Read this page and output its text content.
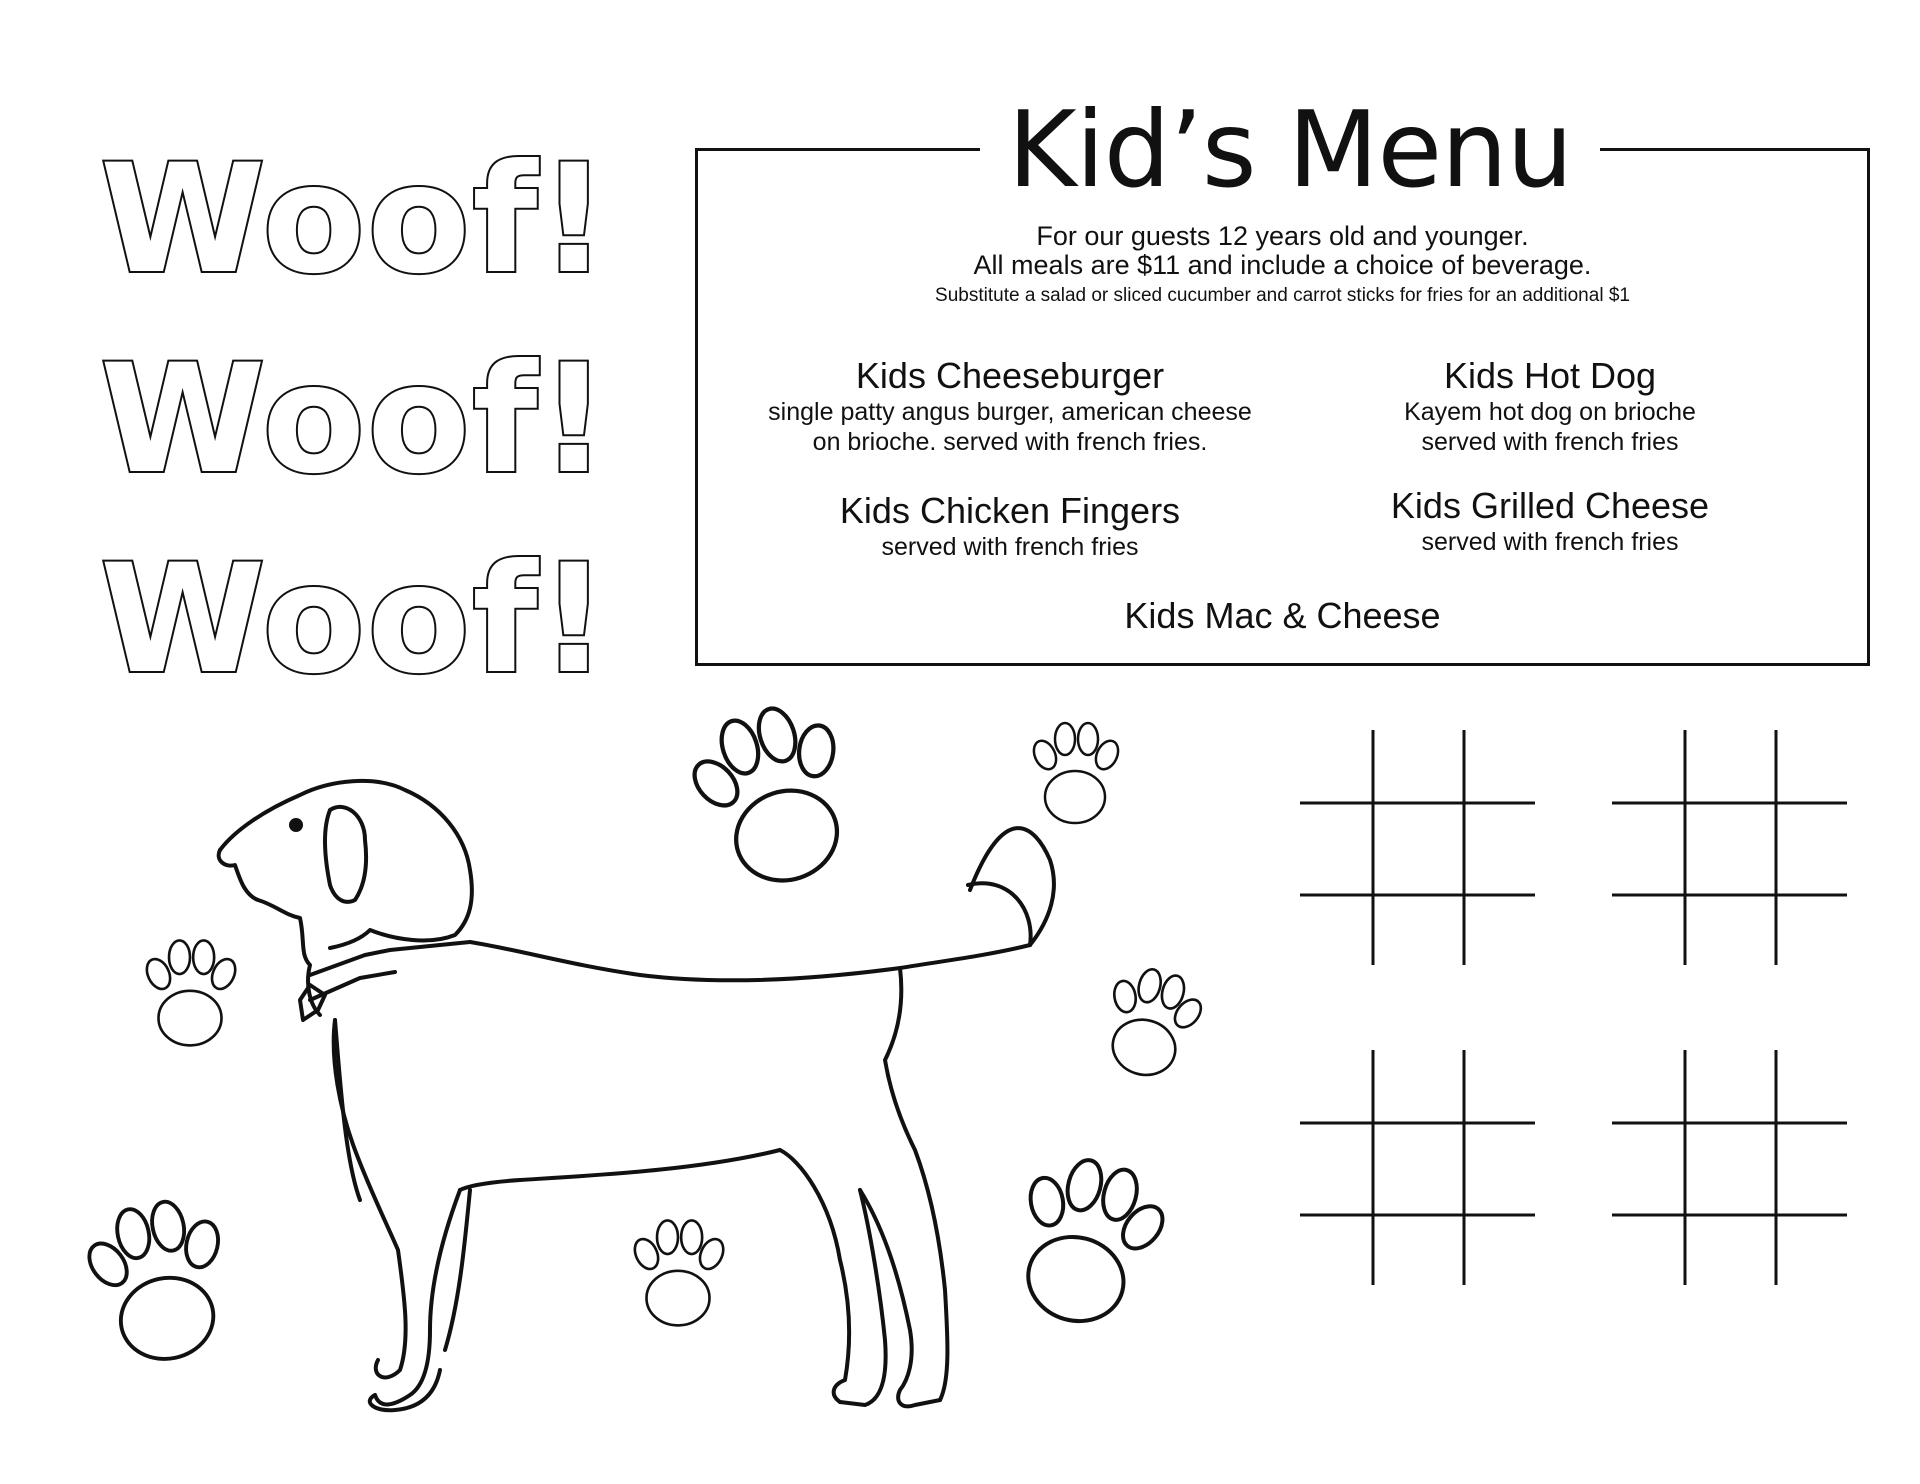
Woof!
Woof!
Woof!
Kid’s Menu
For our guests 12 years old and younger.
All meals are $11 and include a choice of beverage.
Substitute a salad or sliced cucumber and carrot sticks for fries for an additional $1
Kids Cheeseburger
single patty angus burger, american cheese
on brioche. served with french fries.
Kids Hot Dog
Kayem hot dog on brioche
served with french fries
Kids Chicken Fingers
served with french fries
Kids Grilled Cheese
served with french fries
Kids Mac & Cheese
